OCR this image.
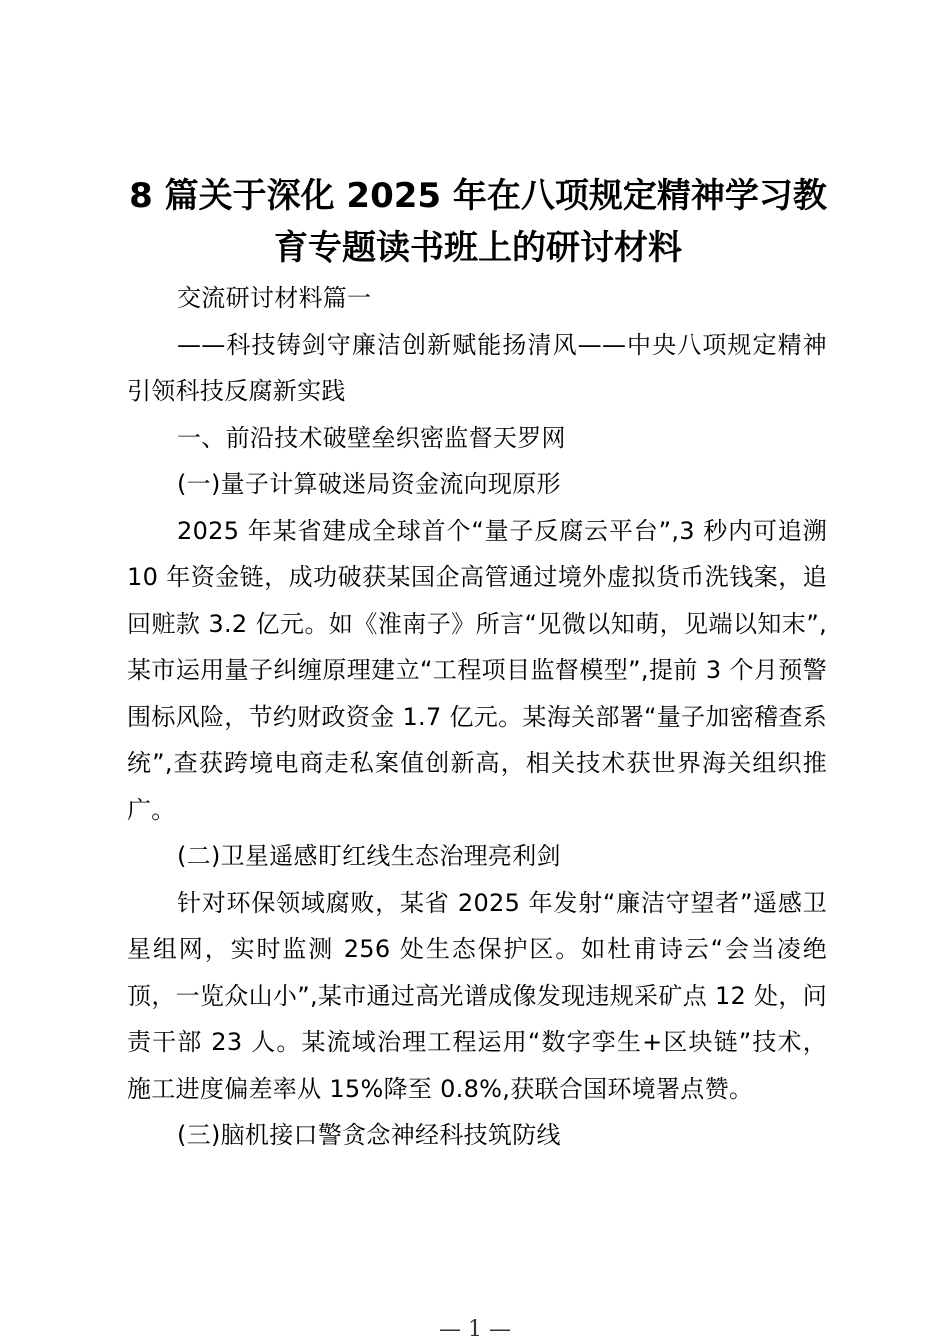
8 篇关于深化 2025 年在八项规定精神学习教育专题读书班上的研讨材料

交流研讨材料篇一

——科技铸剑守廉洁创新赋能扬清风——中央八项规定精神引领科技反腐新实践

一、前沿技术破壁垒织密监督天罗网

(一)量子计算破迷局资金流向现原形

2025 年某省建成全球首个“量子反腐云平台”,3 秒内可追溯 10 年资金链，成功破获某国企高管通过境外虚拟货币洗钱案，追回赃款 3.2 亿元。如《淮南子》所言“见微以知萌，见端以知末”,某市运用量子纠缠原理建立“工程项目监督模型”,提前 3 个月预警围标风险，节约财政资金 1.7 亿元。某海关部署“量子加密稽查系统”,查获跨境电商走私案值创新高，相关技术获世界海关组织推广。

(二)卫星遥感盯红线生态治理亮利剑

针对环保领域腐败，某省 2025 年发射“廉洁守望者”遥感卫星组网，实时监测 256 处生态保护区。如杜甫诗云“会当凌绝顶，一览众山小”,某市通过高光谱成像发现违规采矿点 12 处，问责干部 23 人。某流域治理工程运用“数字孪生+区块链”技术，施工进度偏差率从 15%降至 0.8%,获联合国环境署点赞。

(三)脑机接口警贪念神经科技筑防线

— 1 —
